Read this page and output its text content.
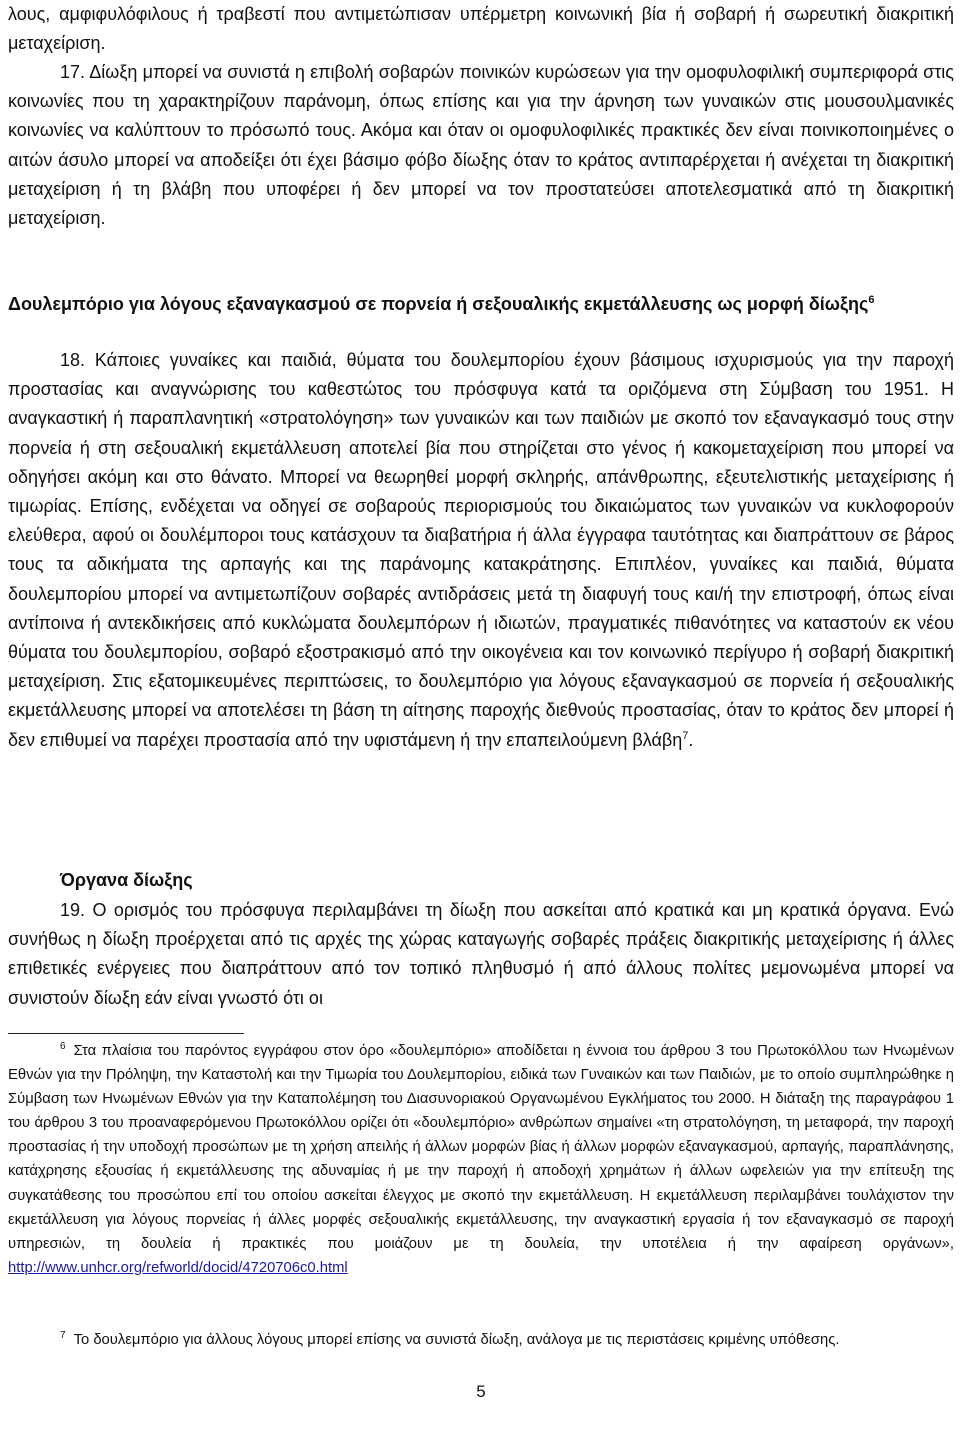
λους, αμφιφυλόφιλους ή τραβεστί που αντιμετώπισαν υπέρμετρη κοινωνική βία ή σοβαρή ή σωρευτική διακριτική μεταχείριση.

17. Δίωξη μπορεί να συνιστά η επιβολή σοβαρών ποινικών κυρώσεων για την ομοφυλοφιλική συμπεριφορά στις κοινωνίες που τη χαρακτηρίζουν παράνομη, όπως επίσης και για την άρνηση των γυναικών στις μουσουλμανικές κοινωνίες να καλύπτουν το πρόσωπό τους. Ακόμα και όταν οι ομοφυλοφιλικές πρακτικές δεν είναι ποινικοποιημένες ο αιτών άσυλο μπορεί να αποδείξει ότι έχει βάσιμο φόβο δίωξης όταν το κράτος αντιπαρέρχεται ή ανέχεται τη διακριτική μεταχείριση ή τη βλάβη που υποφέρει ή δεν μπορεί να τον προστατεύσει αποτελεσματικά από τη διακριτική μεταχείριση.

Δουλεμπόριο για λόγους εξαναγκασμού σε πορνεία ή σεξουαλικής εκμετάλλευσης ως μορφή δίωξης$^6$

18. Κάποιες γυναίκες και παιδιά, θύματα του δουλεμπορίου έχουν βάσιμους ισχυρισμούς για την παροχή προστασίας και αναγνώρισης του καθεστώτος του πρόσφυγα κατά τα οριζόμενα στη Σύμβαση του 1951. Η αναγκαστική ή παραπλανητική «στρατολόγηση» των γυναικών και των παιδιών με σκοπό τον εξαναγκασμό τους στην πορνεία ή στη σεξουαλική εκμετάλλευση αποτελεί βία που στηρίζεται στο γένος ή κακομεταχείριση που μπορεί να οδηγήσει ακόμη και στο θάνατο. Μπορεί να θεωρηθεί μορφή σκληρής, απάνθρωπης, εξευτελιστικής μεταχείρισης ή τιμωρίας. Επίσης, ενδέχεται να οδηγεί σε σοβαρούς περιορισμούς του δικαιώματος των γυναικών να κυκλοφορούν ελεύθερα, αφού οι δουλέμποροι τους κατάσχουν τα διαβατήρια ή άλλα έγγραφα ταυτότητας και διαπράττουν σε βάρος τους τα αδικήματα της αρπαγής και της παράνομης κατακράτησης. Επιπλέον, γυναίκες και παιδιά, θύματα δουλεμπορίου μπορεί να αντιμετωπίζουν σοβαρές αντιδράσεις μετά τη διαφυγή τους και/ή την επιστροφή, όπως είναι αντίποινα ή αντεκδικήσεις από κυκλώματα δουλεμπόρων ή ιδιωτών, πραγματικές πιθανότητες να καταστούν εκ νέου θύματα του δουλεμπορίου, σοβαρό εξοστρακισμό από την οικογένεια και τον κοινωνικό περίγυρο ή σοβαρή διακριτική μεταχείριση. Στις εξατομικευμένες περιπτώσεις, το δουλεμπόριο για λόγους εξαναγκασμού σε πορνεία ή σεξουαλικής εκμετάλλευσης μπορεί να αποτελέσει τη βάση τη αίτησης παροχής διεθνούς προστασίας, όταν το κράτος δεν μπορεί ή δεν επιθυμεί να παρέχει προστασία από την υφιστάμενη ή την επαπειλούμενη βλάβη$^7$.

Όργανα δίωξης

19. Ο ορισμός του πρόσφυγα περιλαμβάνει τη δίωξη που ασκείται από κρατικά και μη κρατικά όργανα. Ενώ συνήθως η δίωξη προέρχεται από τις αρχές της χώρας καταγωγής σοβαρές πράξεις διακριτικής μεταχείρισης ή άλλες επιθετικές ενέργειες που διαπράττουν από τον τοπικό πληθυσμό ή από άλλους πολίτες μεμονωμένα μπορεί να συνιστούν δίωξη εάν είναι γνωστό ότι οι

$^6$ Στα πλαίσια του παρόντος εγγράφου στον όρο «δουλεμπόριο» αποδίδεται η έννοια του άρθρου 3 του Πρωτοκόλλου των Ηνωμένων Εθνών για την Πρόληψη, την Καταστολή και την Τιμωρία του Δουλεμπορίου, ειδικά των Γυναικών και των Παιδιών, με το οποίο συμπληρώθηκε η Σύμβαση των Ηνωμένων Εθνών για την Καταπολέμηση του Διασυνοριακού Οργανωμένου Εγκλήματος του 2000. Η διάταξη της παραγράφου 1 του άρθρου 3 του προαναφερόμενου Πρωτοκόλλου ορίζει ότι «δουλεμπόριο» ανθρώπων σημαίνει «τη στρατολόγηση, τη μεταφορά, την παροχή προστασίας ή την υποδοχή προσώπων με τη χρήση απειλής ή άλλων μορφών βίας ή άλλων μορφών εξαναγκασμού, αρπαγής, παραπλάνησης, κατάχρησης εξουσίας ή εκμετάλλευσης της αδυναμίας ή με την παροχή ή αποδοχή χρημάτων ή άλλων ωφελειών για την επίτευξη της συγκατάθεσης του προσώπου επί του οποίου ασκείται έλεγχος με σκοπό την εκμετάλλευση. Η εκμετάλλευση περιλαμβάνει τουλάχιστον την εκμετάλλευση για λόγους πορνείας ή άλλες μορφές σεξουαλικής εκμετάλλευσης, την αναγκαστική εργασία ή τον εξαναγκασμό σε παροχή υπηρεσιών, τη δουλεία ή πρακτικές που μοιάζουν με τη δουλεία, την υποτέλεια ή την αφαίρεση οργάνων», http://www.unhcr.org/refworld/docid/4720706c0.html

$^7$ Το δουλεμπόριο για άλλους λόγους μπορεί επίσης να συνιστά δίωξη, ανάλογα με τις περιστάσεις κριμένης υπόθεσης.

5
